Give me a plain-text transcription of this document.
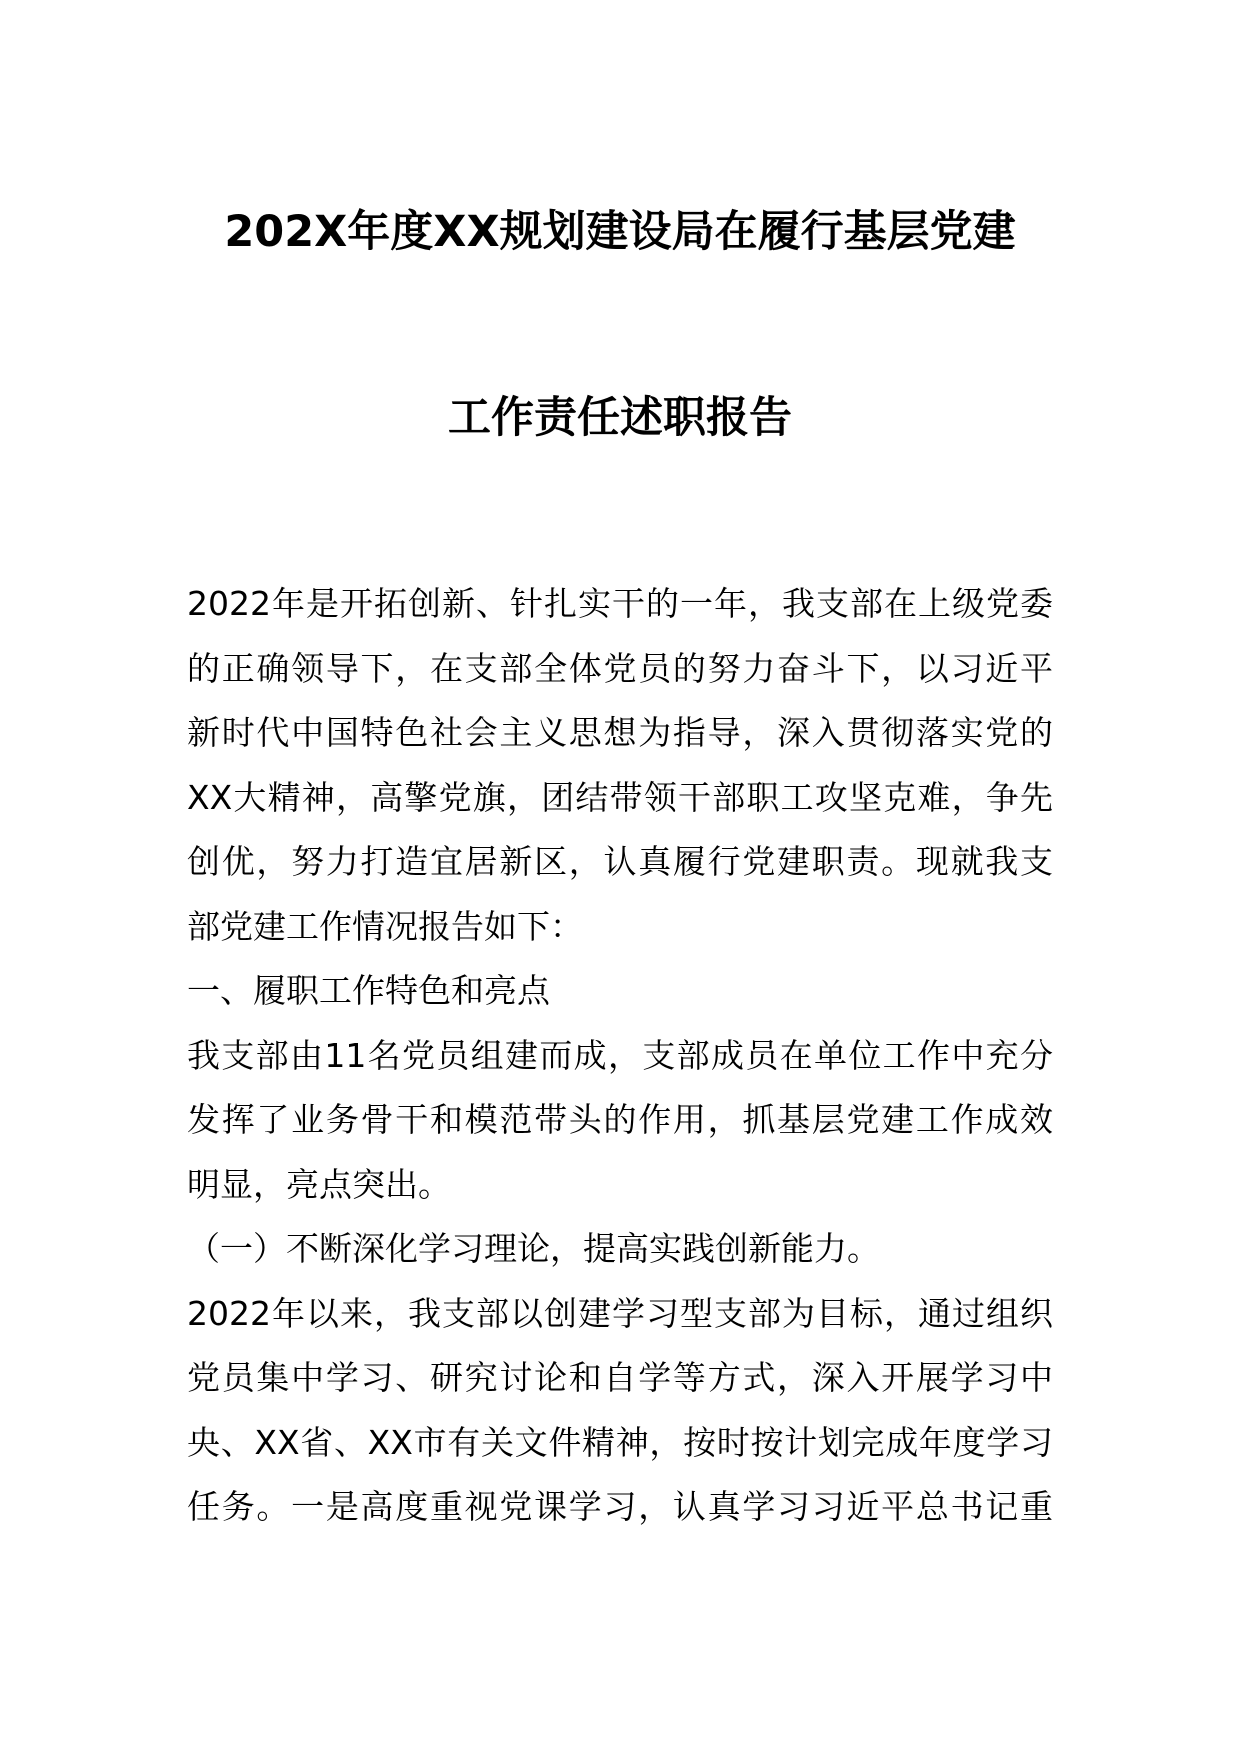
202X年度XX规划建设局在履行基层党建
工作责任述职报告
2022年是开拓创新、针扎实干的一年，我支部在上级党委
的正确领导下，在支部全体党员的努力奋斗下，以习近平
新时代中国特色社会主义思想为指导，深入贯彻落实党的
XX大精神，高擎党旗，团结带领干部职工攻坚克难，争先
创优，努力打造宜居新区，认真履行党建职责。现就我支
部党建工作情况报告如下：
一、履职工作特色和亮点
我支部由11名党员组建而成，支部成员在单位工作中充分
发挥了业务骨干和模范带头的作用，抓基层党建工作成效
明显，亮点突出。
（一）不断深化学习理论，提高实践创新能力。
2022年以来，我支部以创建学习型支部为目标，通过组织
党员集中学习、研究讨论和自学等方式，深入开展学习中
央、XX省、XX市有关文件精神，按时按计划完成年度学习
任务。一是高度重视党课学习，认真学习习近平总书记重
